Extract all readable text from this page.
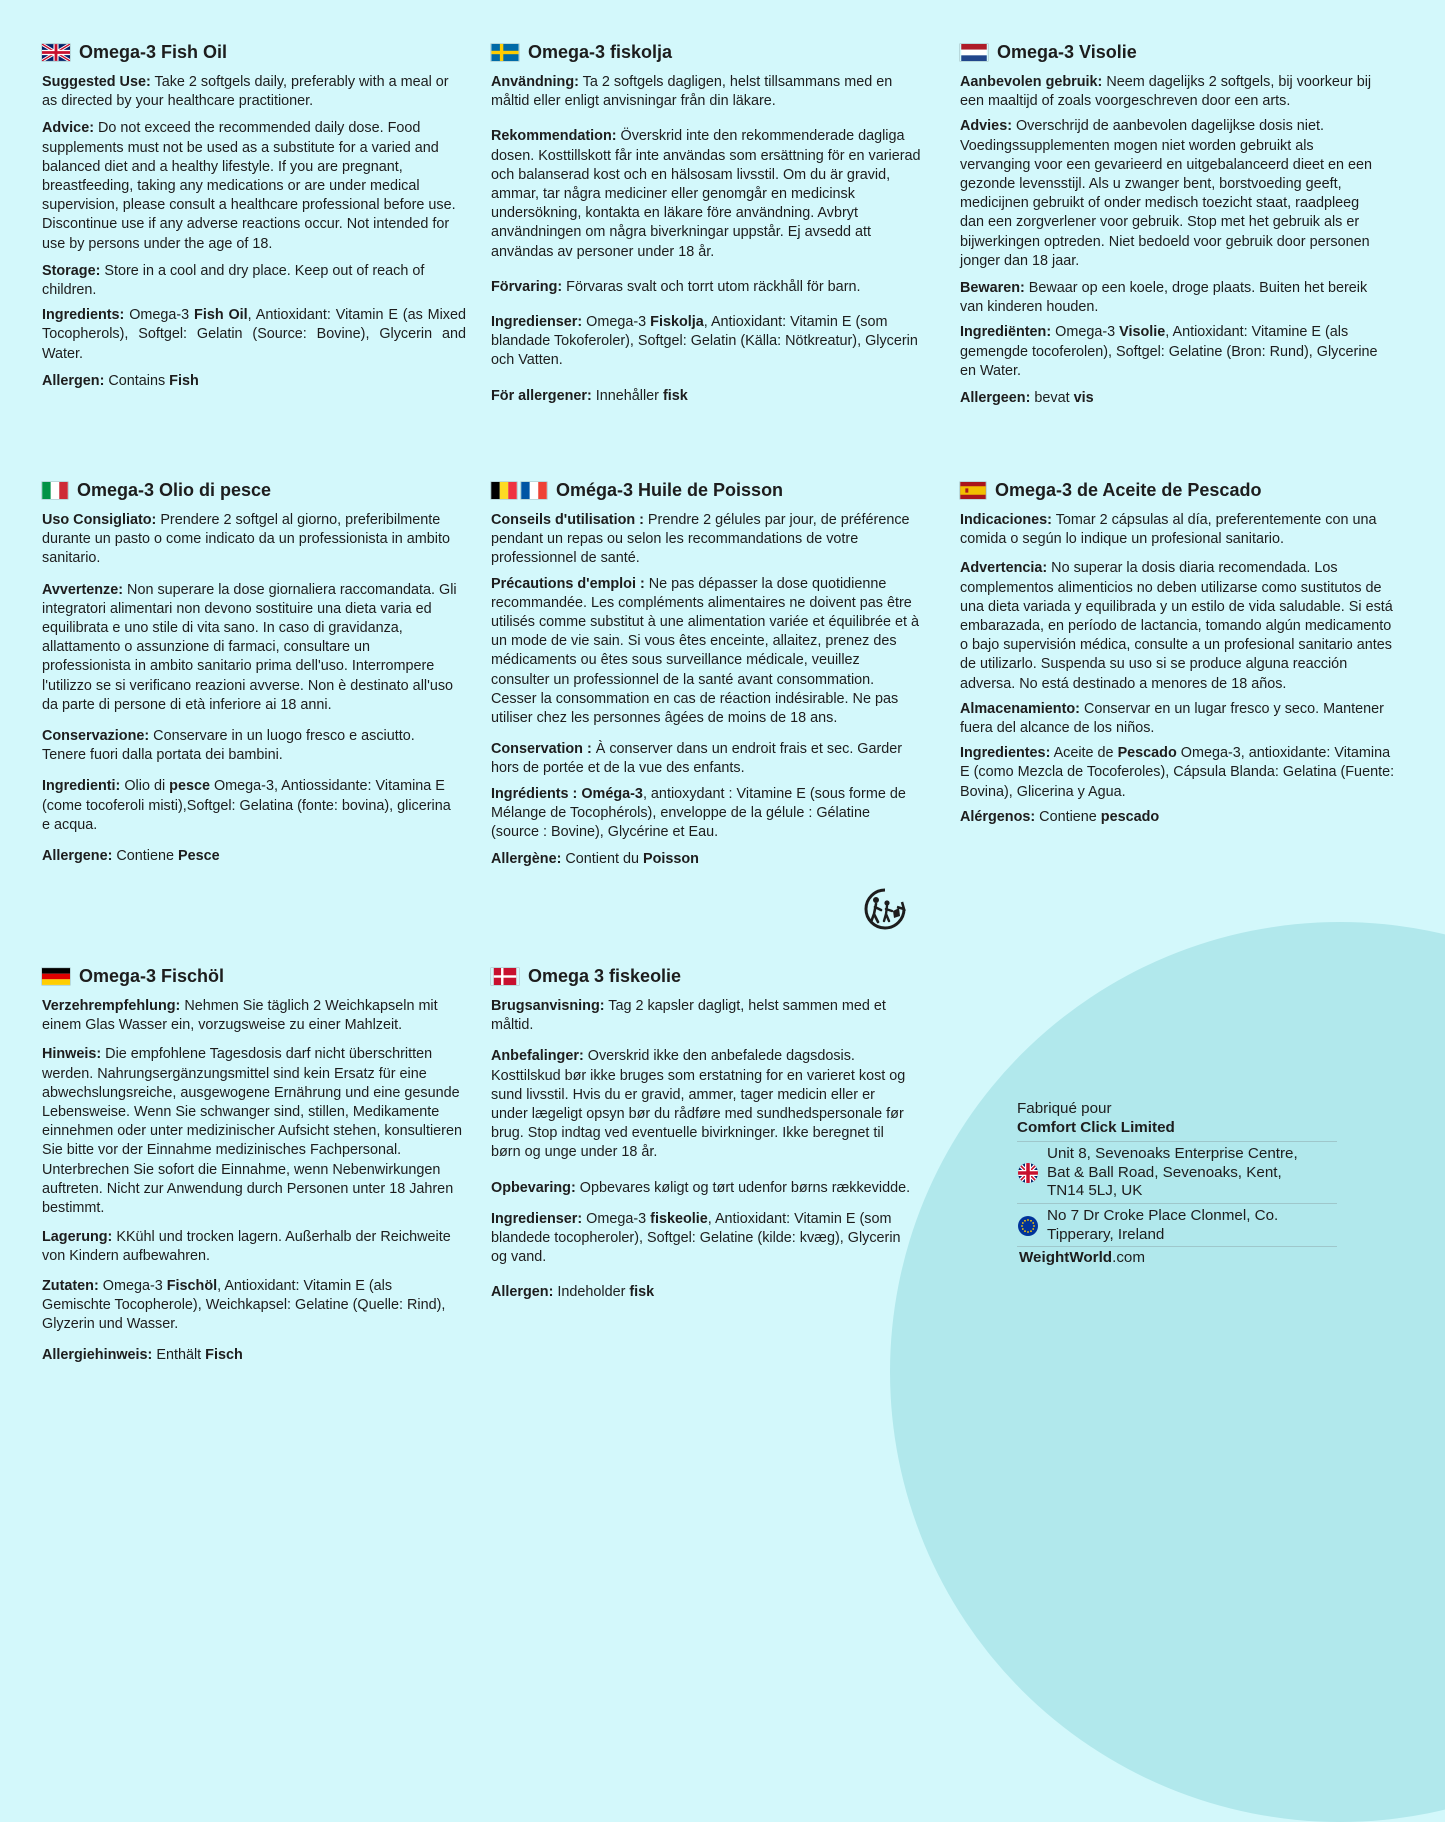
Omega-3 Fish Oil

Suggested Use: Take 2 softgels daily, preferably with a meal or as directed by your healthcare practitioner.

Advice: Do not exceed the recommended daily dose. Food supplements must not be used as a substitute for a varied and balanced diet and a healthy lifestyle. If you are pregnant, breastfeeding, taking any medications or are under medical supervision, please consult a healthcare professional before use. Discontinue use if any adverse reactions occur. Not intended for use by persons under the age of 18.

Storage: Store in a cool and dry place. Keep out of reach of children.

Ingredients: Omega-3 Fish Oil, Antioxidant: Vitamin E (as Mixed Tocopherols), Softgel: Gelatin (Source: Bovine), Glycerin and Water.

Allergen: Contains Fish

Omega-3 fiskolja

Användning: Ta 2 softgels dagligen, helst tillsammans med en måltid eller enligt anvisningar från din läkare.

Rekommendation: Överskrid inte den rekommenderade dagliga dosen. Kosttillskott får inte användas som ersättning för en varierad och balanserad kost och en hälsosam livsstil. Om du är gravid, ammar, tar några mediciner eller genomgår en medicinsk undersökning, kontakta en läkare före användning. Avbryt användningen om några biverkningar uppstår. Ej avsedd att användas av personer under 18 år.

Förvaring: Förvaras svalt och torrt utom räckhåll för barn.

Ingredienser: Omega-3 Fiskolja, Antioxidant: Vitamin E (som blandade Tokoferoler), Softgel: Gelatin (Källa: Nötkreatur), Glycerin och Vatten.

För allergener: Innehåller fisk

Omega-3 Visolie

Aanbevolen gebruik: Neem dagelijks 2 softgels, bij voorkeur bij een maaltijd of zoals voorgeschreven door een arts.

Advies: Overschrijd de aanbevolen dagelijkse dosis niet. Voedingssupplementen mogen niet worden gebruikt als vervanging voor een gevarieerd en uitgebalanceerd dieet en een gezonde levensstijl. Als u zwanger bent, borstvoeding geeft, medicijnen gebruikt of onder medisch toezicht staat, raadpleeg dan een zorgverlener voor gebruik. Stop met het gebruik als er bijwerkingen optreden. Niet bedoeld voor gebruik door personen jonger dan 18 jaar.

Bewaren: Bewaar op een koele, droge plaats. Buiten het bereik van kinderen houden.

Ingrediënten: Omega-3 Visolie, Antioxidant: Vitamine E (als gemengde tocoferolen), Softgel: Gelatine (Bron: Rund), Glycerine en Water.

Allergeen: bevat vis

Omega-3 Olio di pesce

Uso Consigliato: Prendere 2 softgel al giorno, preferibilmente durante un pasto o come indicato da un professionista in ambito sanitario.

Avvertenze: Non superare la dose giornaliera raccomandata. Gli integratori alimentari non devono sostituire una dieta varia ed equilibrata e uno stile di vita sano. In caso di gravidanza, allattamento o assunzione di farmaci, consultare un professionista in ambito sanitario prima dell'uso. Interrompere l'utilizzo se si verificano reazioni avverse. Non è destinato all'uso da parte di persone di età inferiore ai 18 anni.

Conservazione: Conservare in un luogo fresco e asciutto. Tenere fuori dalla portata dei bambini.

Ingredienti: Olio di pesce Omega-3, Antiossidante: Vitamina E (come tocoferoli misti),Softgel: Gelatina (fonte: bovina), glicerina e acqua.

Allergene: Contiene Pesce

Oméga-3 Huile de Poisson

Conseils d'utilisation : Prendre 2 gélules par jour, de préférence pendant un repas ou selon les recommandations de votre professionnel de santé.

Précautions d'emploi : Ne pas dépasser la dose quotidienne recommandée. Les compléments alimentaires ne doivent pas être utilisés comme substitut à une alimentation variée et équilibrée et à un mode de vie sain. Si vous êtes enceinte, allaitez, prenez des médicaments ou êtes sous surveillance médicale, veuillez consulter un professionnel de la santé avant consommation. Cesser la consommation en cas de réaction indésirable. Ne pas utiliser chez les personnes âgées de moins de 18 ans.

Conservation : À conserver dans un endroit frais et sec. Garder hors de portée et de la vue des enfants.

Ingrédients : Oméga-3, antioxydant : Vitamine E (sous forme de Mélange de Tocophérols), enveloppe de la gélule : Gélatine (source : Bovine), Glycérine et Eau.

Allergène: Contient du Poisson

Omega-3 de Aceite de Pescado

Indicaciones: Tomar 2 cápsulas al día, preferentemente con una comida o según lo indique un profesional sanitario.

Advertencia: No superar la dosis diaria recomendada. Los complementos alimenticios no deben utilizarse como sustitutos de una dieta variada y equilibrada y un estilo de vida saludable. Si está embarazada, en período de lactancia, tomando algún medicamento o bajo supervisión médica, consulte a un profesional sanitario antes de utilizarlo. Suspenda su uso si se produce alguna reacción adversa. No está destinado a menores de 18 años.

Almacenamiento: Conservar en un lugar fresco y seco. Mantener fuera del alcance de los niños.

Ingredientes: Aceite de Pescado Omega-3, antioxidante: Vitamina E (como Mezcla de Tocoferoles), Cápsula Blanda: Gelatina (Fuente: Bovina), Glicerina y Agua.

Alérgenos: Contiene pescado

Omega-3 Fischöl

Verzehrempfehlung: Nehmen Sie täglich 2 Weichkapseln mit einem Glas Wasser ein, vorzugsweise zu einer Mahlzeit.

Hinweis: Die empfohlene Tagesdosis darf nicht überschritten werden. Nahrungsergänzungsmittel sind kein Ersatz für eine abwechslungsreiche, ausgewogene Ernährung und eine gesunde Lebensweise. Wenn Sie schwanger sind, stillen, Medikamente einnehmen oder unter medizinischer Aufsicht stehen, konsultieren Sie bitte vor der Einnahme medizinisches Fachpersonal. Unterbrechen Sie sofort die Einnahme, wenn Nebenwirkungen auftreten. Nicht zur Anwendung durch Personen unter 18 Jahren bestimmt.

Lagerung: KKühl und trocken lagern. Außerhalb der Reichweite von Kindern aufbewahren.

Zutaten: Omega-3 Fischöl, Antioxidant: Vitamin E (als Gemischte Tocopherole), Weichkapsel: Gelatine (Quelle: Rind), Glyzerin und Wasser.

Allergiehinweis: Enthält Fisch

Omega 3 fiskeolie

Brugsanvisning: Tag 2 kapsler dagligt, helst sammen med et måltid.

Anbefalinger: Overskrid ikke den anbefalede dagsdosis. Kosttilskud bør ikke bruges som erstatning for en varieret kost og sund livsstil. Hvis du er gravid, ammer, tager medicin eller er under lægeligt opsyn bør du rådføre med sundhedspersonale før brug. Stop indtag ved eventuelle bivirkninger. Ikke beregnet til børn og unge under 18 år.

Opbevaring: Opbevares køligt og tørt udenfor børns rækkevidde.

Ingredienser: Omega-3 fiskeolie, Antioxidant: Vitamin E (som blandede tocopheroler), Softgel: Gelatine (kilde: kvæg), Glycerin og vand.

Allergen: Indeholder fisk

Fabriqué pour

Comfort Click Limited

Unit 8, Sevenoaks Enterprise Centre, Bat & Ball Road, Sevenoaks, Kent, TN14 5LJ, UK
No 7 Dr Croke Place Clonmel, Co. Tipperary, Ireland
WeightWorld.com
